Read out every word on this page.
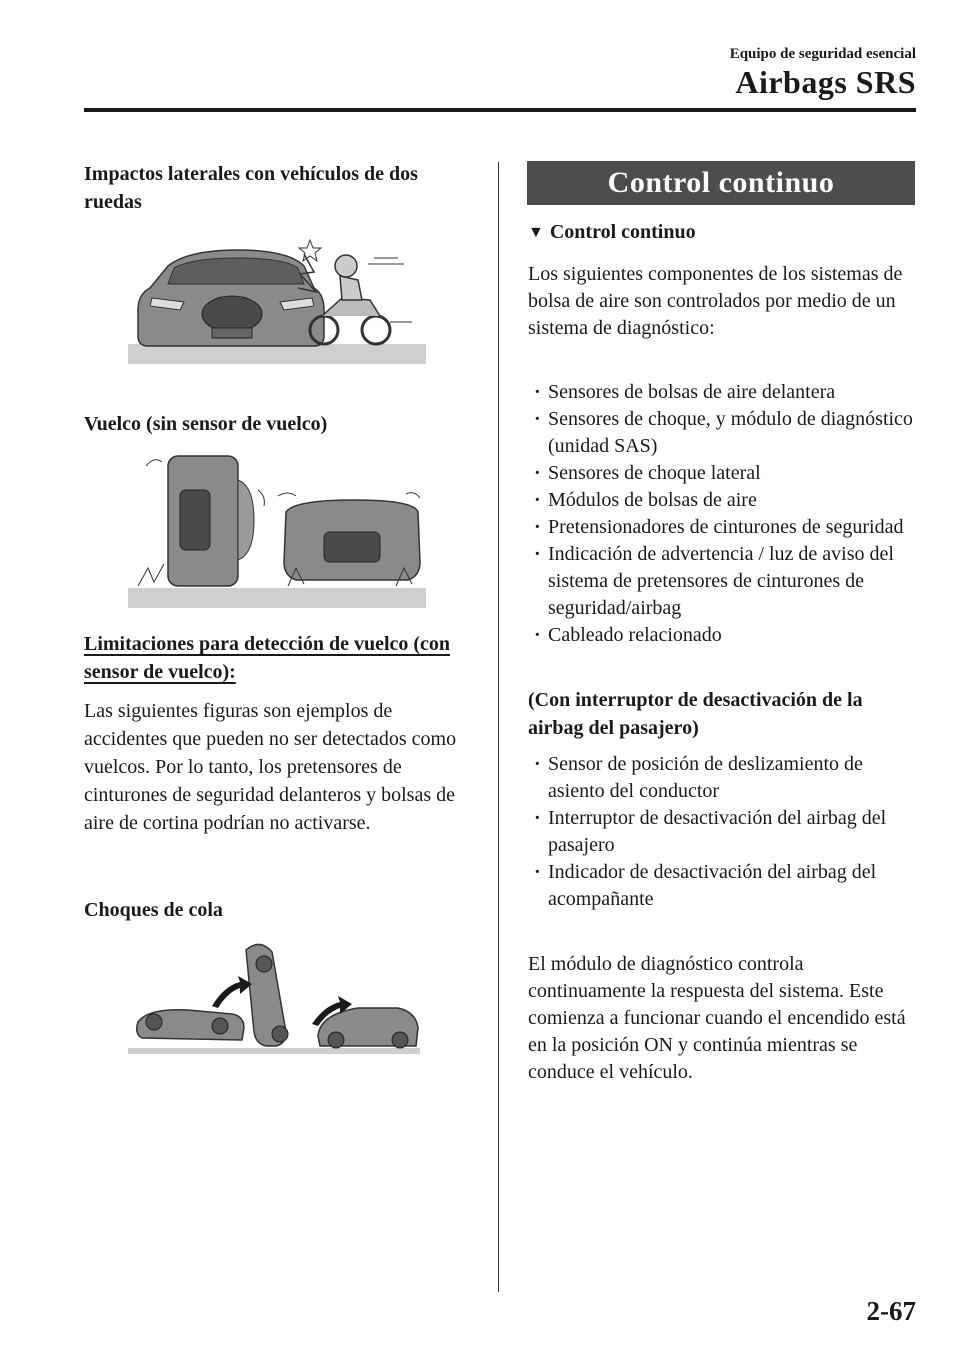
Equipo de seguridad esencial
Airbags SRS
Impactos laterales con vehículos de dos ruedas
Vuelco (sin sensor de vuelco)
Limitaciones para detección de vuelco (con sensor de vuelco):
Las siguientes figuras son ejemplos de accidentes que pueden no ser detectados como vuelcos. Por lo tanto, los pretensores de cinturones de seguridad delanteros y bolsas de aire de cortina podrían no activarse.
Choques de cola
Control continuo
▼ Control continuo
Los siguientes componentes de los sistemas de bolsa de aire son controlados por medio de un sistema de diagnóstico:
· Sensores de bolsas de aire delantera
· Sensores de choque, y módulo de diagnóstico (unidad SAS)
· Sensores de choque lateral
· Módulos de bolsas de aire
· Pretensionadores de cinturones de seguridad
· Indicación de advertencia / luz de aviso del sistema de pretensores de cinturones de seguridad/airbag
· Cableado relacionado
(Con interruptor de desactivación de la airbag del pasajero)
· Sensor de posición de deslizamiento de asiento del conductor
· Interruptor de desactivación del airbag del pasajero
· Indicador de desactivación del airbag del acompañante
El módulo de diagnóstico controla continuamente la respuesta del sistema. Este comienza a funcionar cuando el encendido está en la posición ON y continúa mientras se conduce el vehículo.
2-67
